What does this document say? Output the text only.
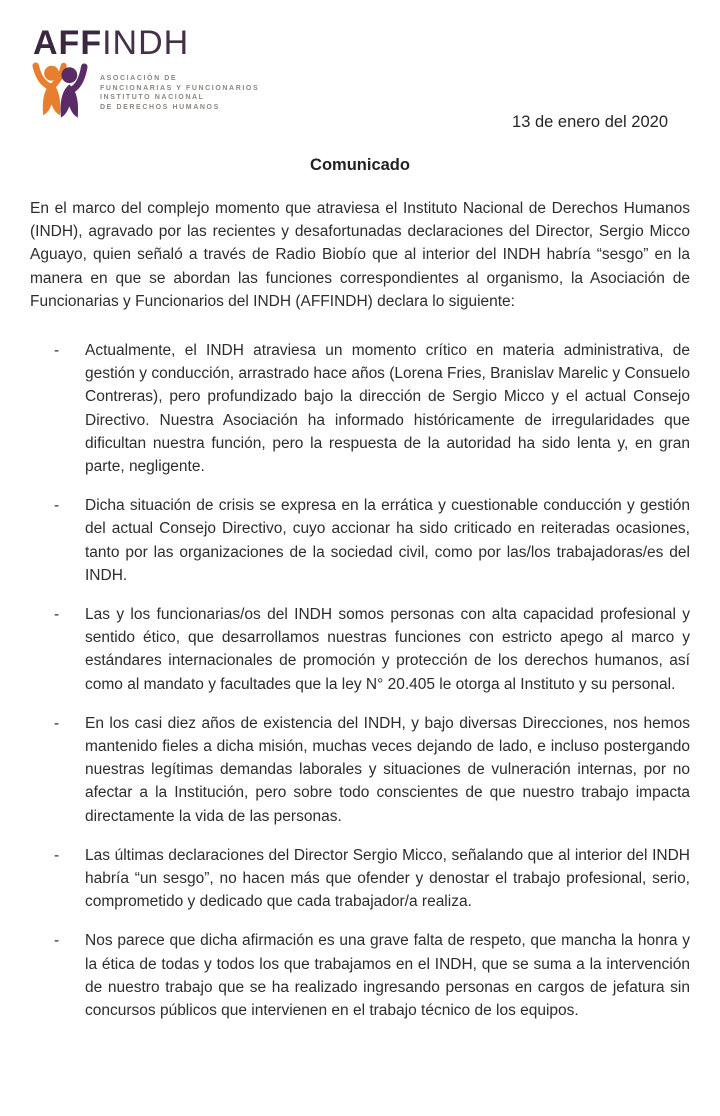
AFFINDH
ASOCIACIÓN DE
FUNCIONARIAS Y FUNCIONARIOS
INSTITUTO NACIONAL
DE DERECHOS HUMANOS
13 de enero del 2020
Comunicado

En el marco del complejo momento que atraviesa el Instituto Nacional de Derechos Humanos (INDH), agravado por las recientes y desafortunadas declaraciones del Director, Sergio Micco Aguayo, quien señaló a través de Radio Biobío que al interior del INDH habría “sesgo” en la manera en que se abordan las funciones correspondientes al organismo, la Asociación de Funcionarias y Funcionarios del INDH (AFFINDH) declara lo siguiente:

-	Actualmente, el INDH atraviesa un momento crítico en materia administrativa, de gestión y conducción, arrastrado hace años (Lorena Fries, Branislav Marelic y Consuelo Contreras), pero profundizado bajo la dirección de Sergio Micco y el actual Consejo Directivo. Nuestra Asociación ha informado históricamente de irregularidades que dificultan nuestra función, pero la respuesta de la autoridad ha sido lenta y, en gran parte, negligente.
-	Dicha situación de crisis se expresa en la errática y cuestionable conducción y gestión del actual Consejo Directivo, cuyo accionar ha sido criticado en reiteradas ocasiones, tanto por las organizaciones de la sociedad civil, como por las/los trabajadoras/es del INDH.
-	Las y los funcionarias/os del INDH somos personas con alta capacidad profesional y sentido ético, que desarrollamos nuestras funciones con estricto apego al marco y estándares internacionales de promoción y protección de los derechos humanos, así como al mandato y facultades que la ley N° 20.405 le otorga al Instituto y su personal.
-	En los casi diez años de existencia del INDH, y bajo diversas Direcciones, nos hemos mantenido fieles a dicha misión, muchas veces dejando de lado, e incluso postergando nuestras legítimas demandas laborales y situaciones de vulneración internas, por no afectar a la Institución, pero sobre todo conscientes de que nuestro trabajo impacta directamente la vida de las personas.
-	Las últimas declaraciones del Director Sergio Micco, señalando que al interior del INDH habría “un sesgo”, no hacen más que ofender y denostar el trabajo profesional, serio, comprometido y dedicado que cada trabajador/a realiza.
-	Nos parece que dicha afirmación es una grave falta de respeto, que mancha la honra y la ética de todas y todos los que trabajamos en el INDH, que se suma a la intervención de nuestro trabajo que se ha realizado ingresando personas en cargos de jefatura sin concursos públicos que intervienen en el trabajo técnico de los equipos.
